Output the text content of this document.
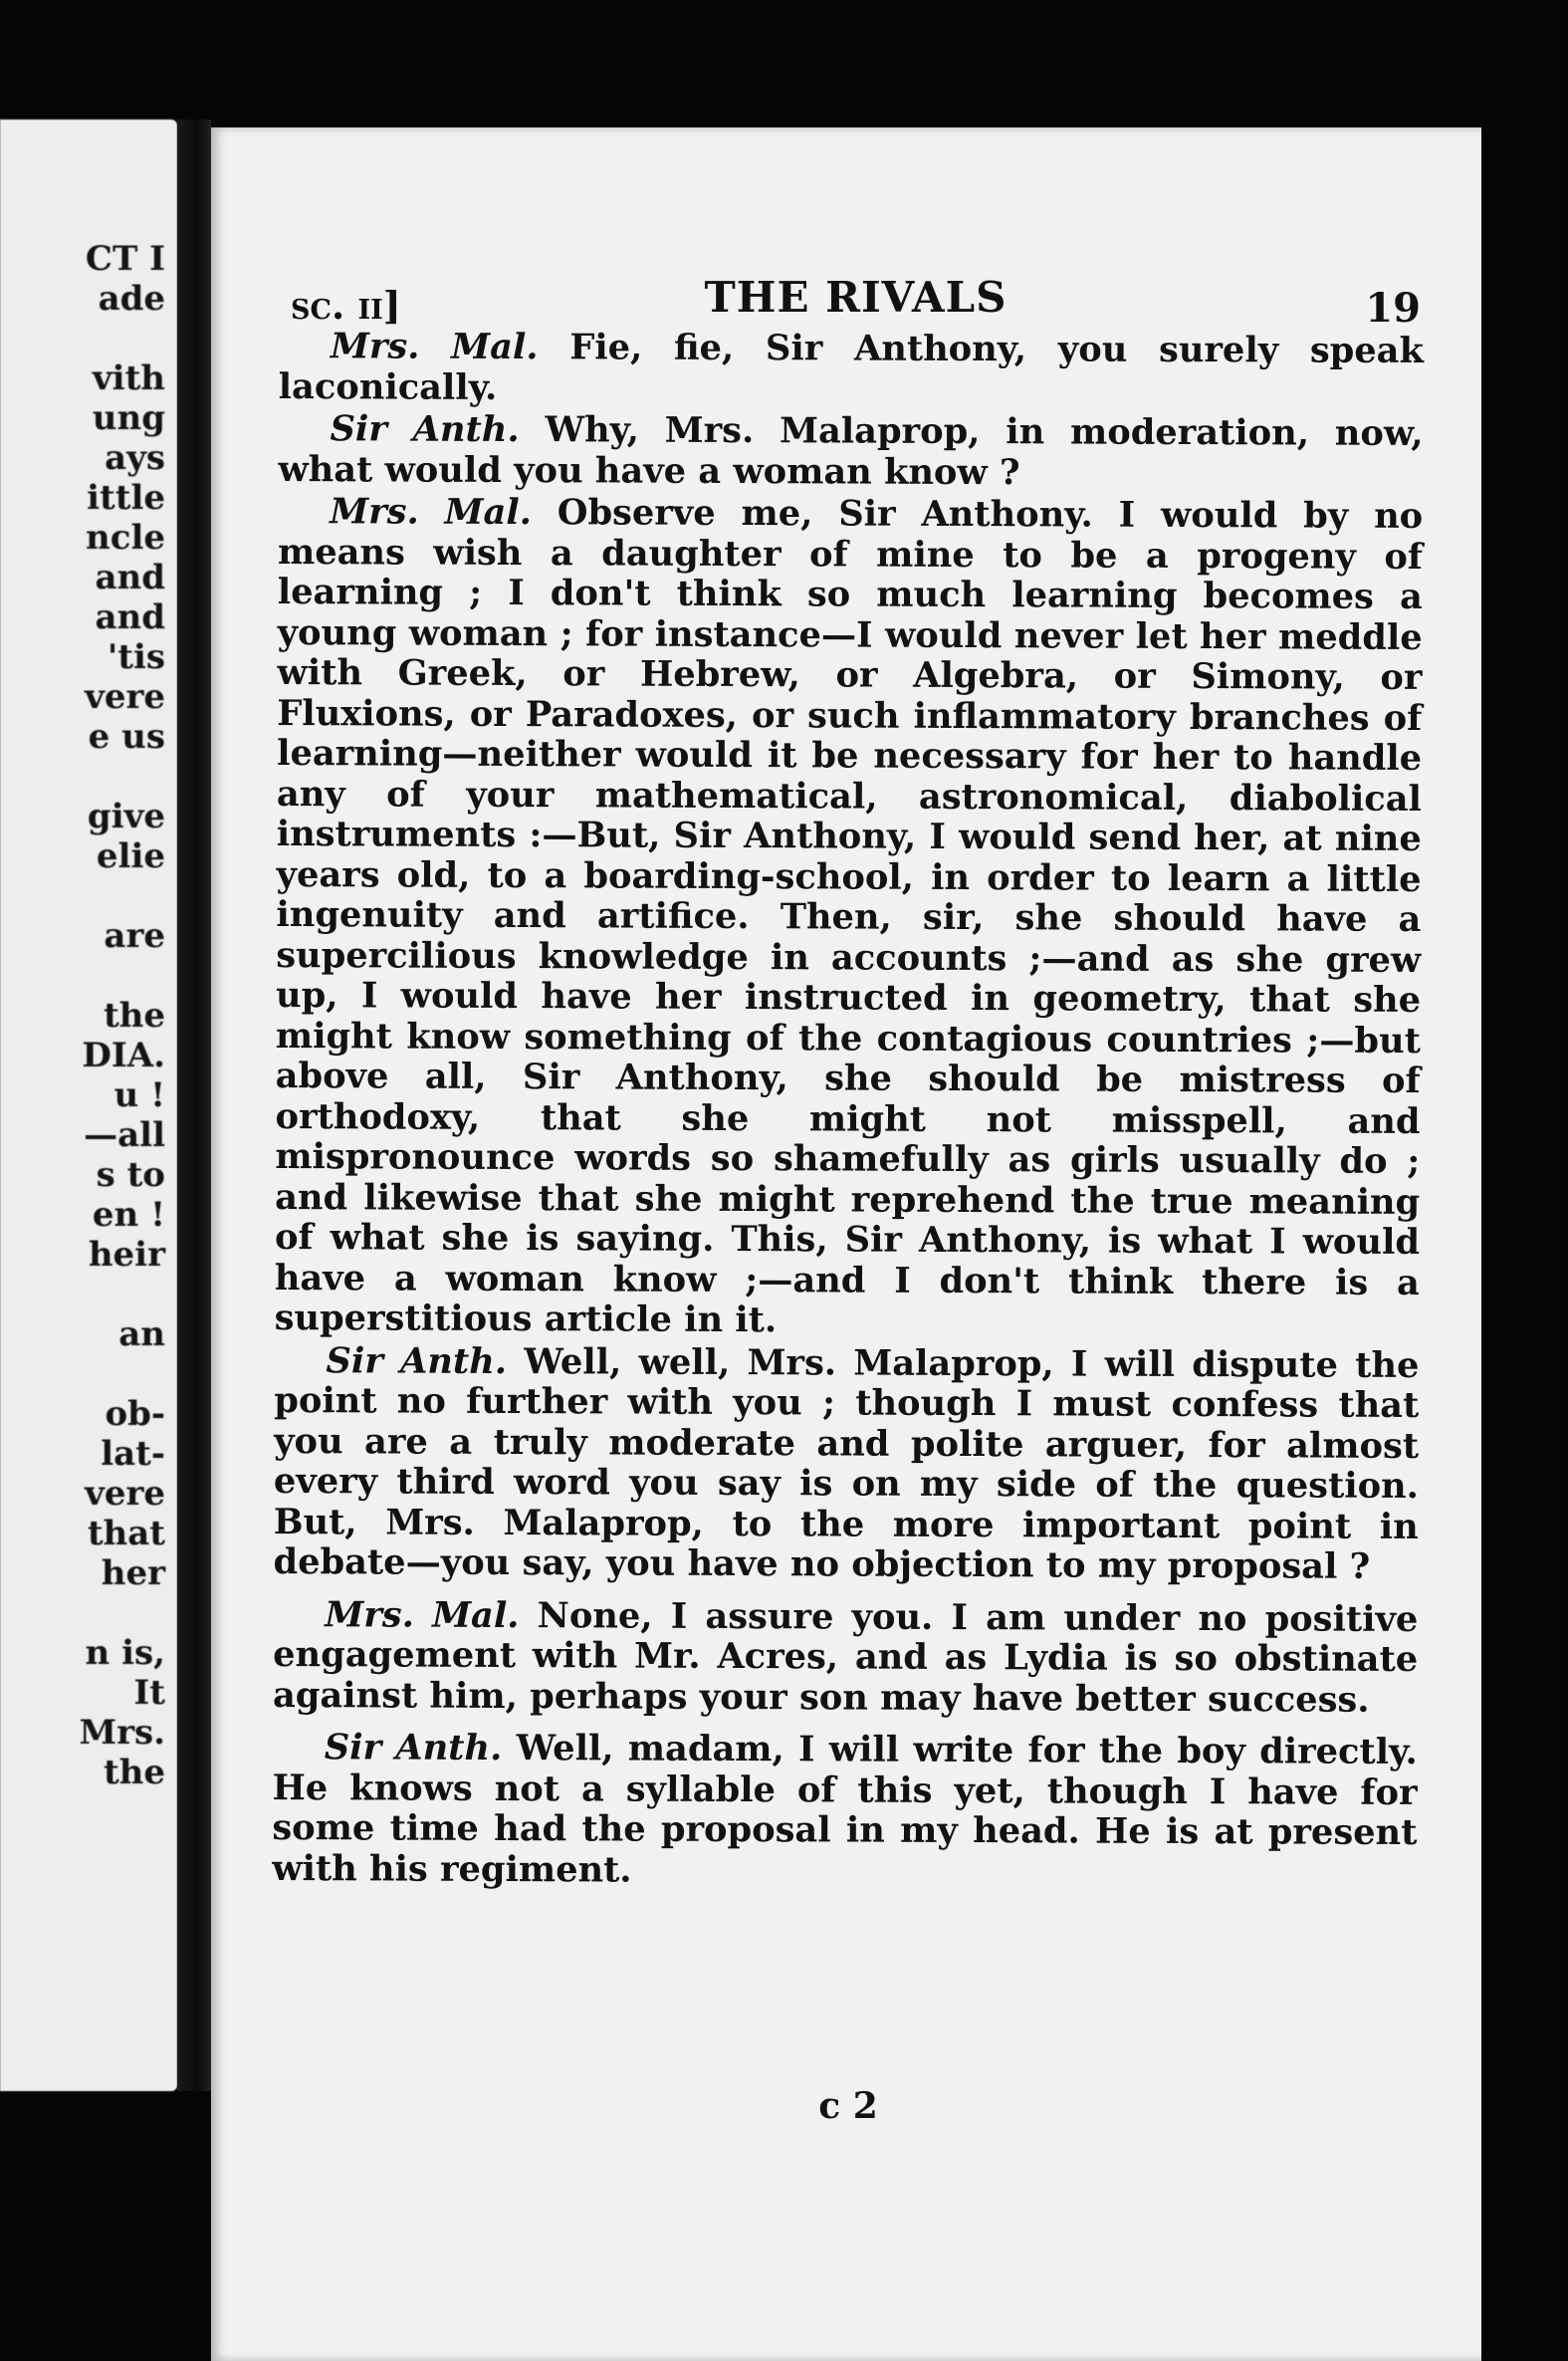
CT I
ade
vith
ung
ays
ittle
ncle
and
and
'tis
vere
e us
give
elie
are
the
DIA.
u !
—all
s to
en !
heir
an
ob-
lat-
vere
that
her
n is,
It
Mrs.
the
sc. ii]	THE RIVALS	19

Mrs. Mal. Fie, fie, Sir Anthony, you surely speak laconically.

Sir Anth. Why, Mrs. Malaprop, in moderation, now, what would you have a woman know ?

Mrs. Mal. Observe me, Sir Anthony. I would by no means wish a daughter of mine to be a progeny of learning ; I don't think so much learning becomes a young woman ; for instance—I would never let her meddle with Greek, or Hebrew, or Algebra, or Simony, or Fluxions, or Paradoxes, or such inflammatory branches of learning—neither would it be necessary for her to handle any of your mathematical, astronomical, diabolical instruments :—But, Sir Anthony, I would send her, at nine years old, to a boarding-school, in order to learn a little ingenuity and artifice. Then, sir, she should have a supercilious knowledge in accounts ;—and as she grew up, I would have her instructed in geometry, that she might know something of the contagious countries ;—but above all, Sir Anthony, she should be mistress of orthodoxy, that she might not misspell, and mispronounce words so shamefully as girls usually do ; and likewise that she might reprehend the true meaning of what she is saying. This, Sir Anthony, is what I would have a woman know ;—and I don't think there is a superstitious article in it.

Sir Anth. Well, well, Mrs. Malaprop, I will dispute the point no further with you ; though I must confess that you are a truly moderate and polite arguer, for almost every third word you say is on my side of the question. But, Mrs. Malaprop, to the more important point in debate—you say, you have no objection to my proposal ?

Mrs. Mal. None, I assure you. I am under no positive engagement with Mr. Acres, and as Lydia is so obstinate against him, perhaps your son may have better success.

Sir Anth. Well, madam, I will write for the boy directly. He knows not a syllable of this yet, though I have for some time had the proposal in my head. He is at present with his regiment.

c 2
